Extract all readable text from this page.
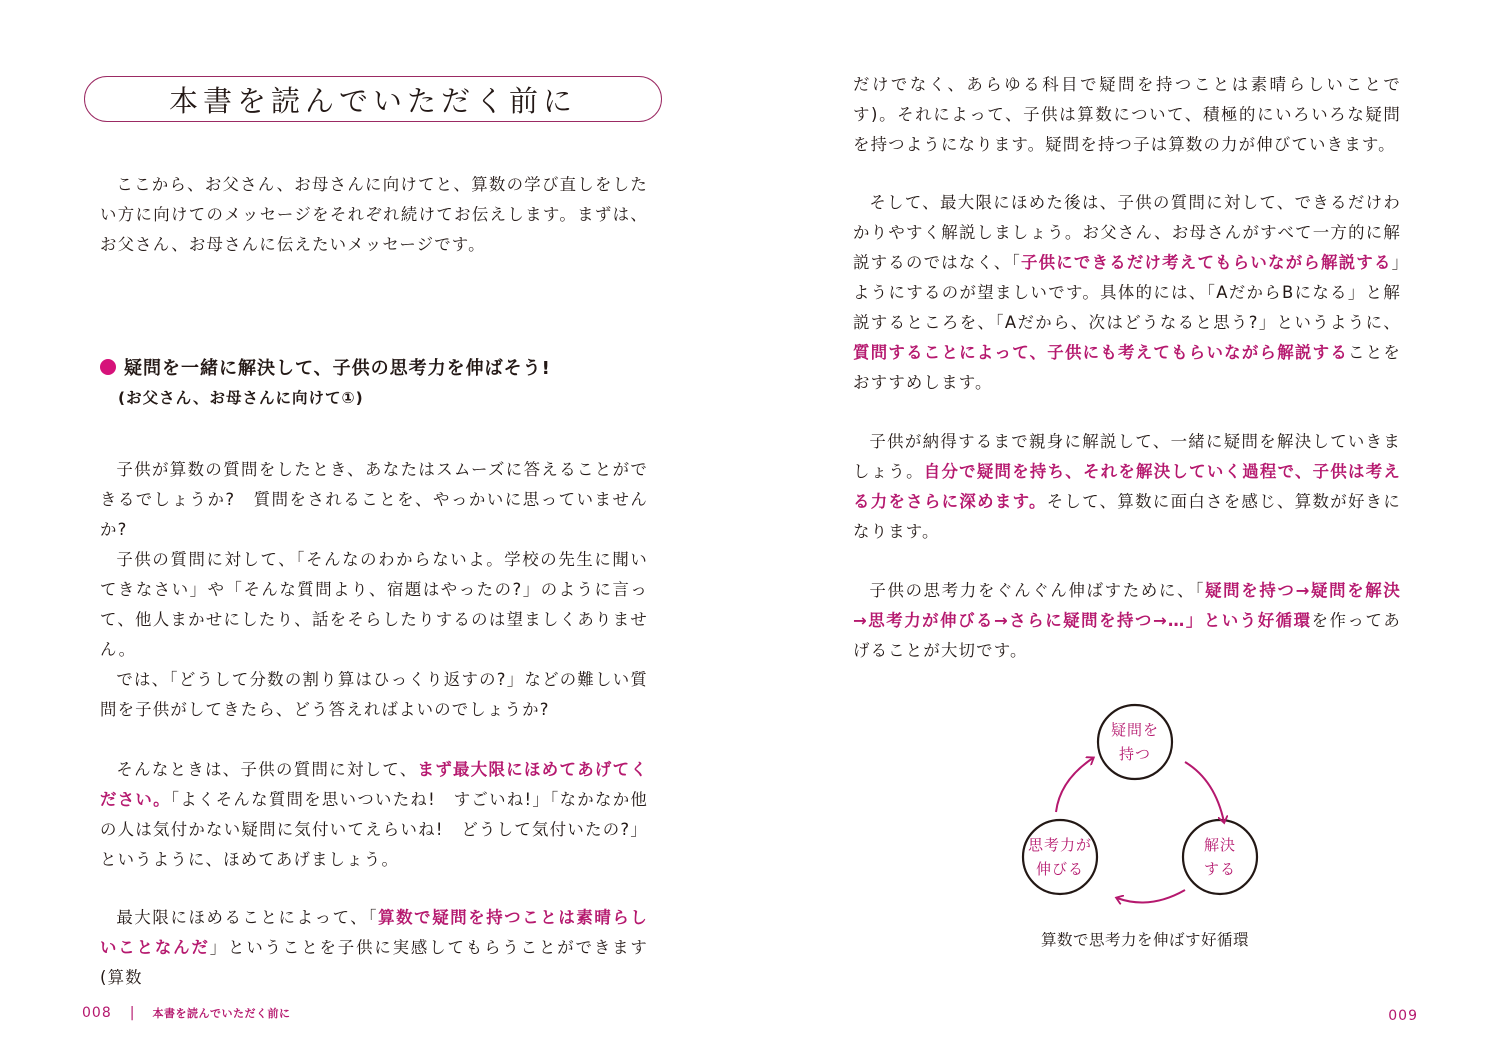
本書を読んでいただく前に

ここから、お父さん、お母さんに向けてと、算数の学び直しをしたい方に向けてのメッセージをそれぞれ続けてお伝えします。まずは、お父さん、お母さんに伝えたいメッセージです。

疑問を一緒に解決して、子供の思考力を伸ばそう!
(お父さん、お母さんに向けて①)

子供が算数の質問をしたとき、あなたはスムーズに答えることができるでしょうか?　質問をされることを、やっかいに思っていませんか?

子供の質問に対して、「そんなのわからないよ。学校の先生に聞いてきなさい」や「そんな質問より、宿題はやったの?」のように言って、他人まかせにしたり、話をそらしたりするのは望ましくありません。

では、「どうして分数の割り算はひっくり返すの?」などの難しい質問を子供がしてきたら、どう答えればよいのでしょうか?

そんなときは、子供の質問に対して、まず最大限にほめてあげてください。「よくそんな質問を思いついたね!　すごいね!」「なかなか他の人は気付かない疑問に気付いてえらいね!　どうして気付いたの?」というように、ほめてあげましょう。

最大限にほめることによって、「算数で疑問を持つことは素晴らしいことなんだ」ということを子供に実感してもらうことができます(算数

008 | 本書を読んでいただく前に

だけでなく、あらゆる科目で疑問を持つことは素晴らしいことです)。それによって、子供は算数について、積極的にいろいろな疑問を持つようになります。疑問を持つ子は算数の力が伸びていきます。

そして、最大限にほめた後は、子供の質問に対して、できるだけわかりやすく解説しましょう。お父さん、お母さんがすべて一方的に解説するのではなく、「子供にできるだけ考えてもらいながら解説する」ようにするのが望ましいです。具体的には、「AだからBになる」と解説するところを、「Aだから、次はどうなると思う?」というように、質問することによって、子供にも考えてもらいながら解説することをおすすめします。

子供が納得するまで親身に解説して、一緒に疑問を解決していきましょう。自分で疑問を持ち、それを解決していく過程で、子供は考える力をさらに深めます。そして、算数に面白さを感じ、算数が好きになります。

子供の思考力をぐんぐん伸ばすために、「疑問を持つ→疑問を解決→思考力が伸びる→さらに疑問を持つ→…」という好循環を作ってあげることが大切です。

疑問を
持つ
解決
する
思考力が
伸びる
算数で思考力を伸ばす好循環
009
